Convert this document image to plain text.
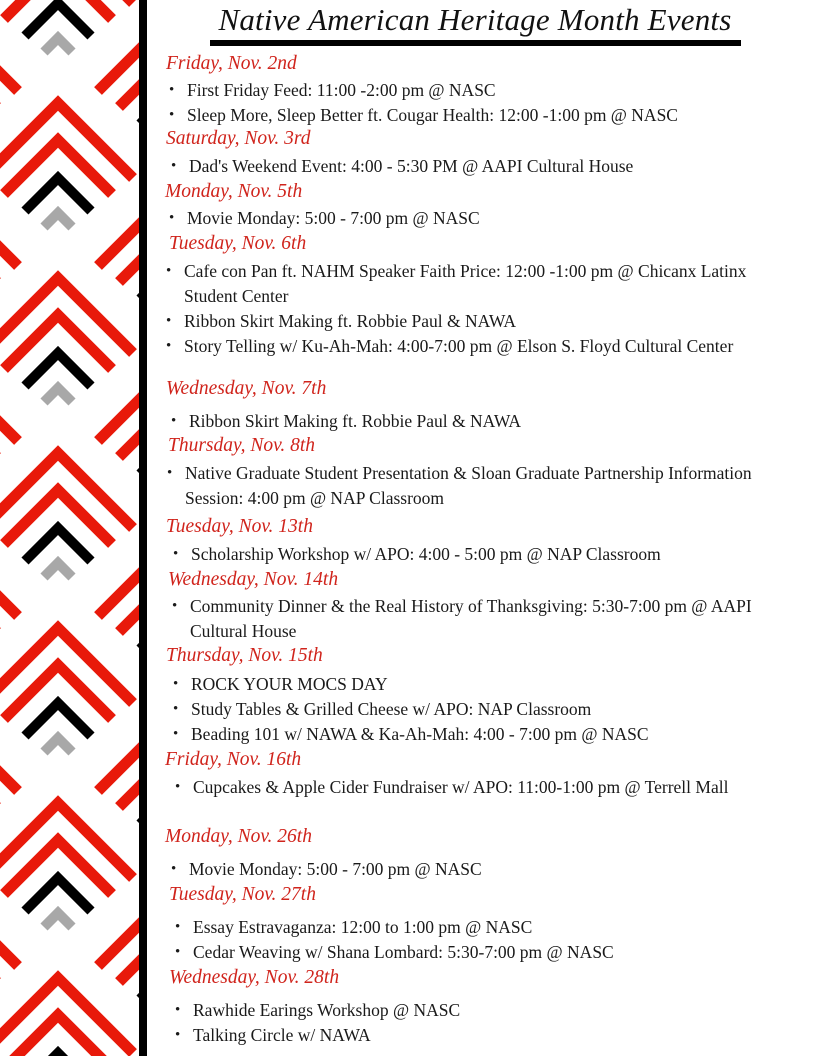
Native American Heritage Month Events
Friday, Nov. 2nd
• First Friday Feed: 11:00 -2:00 pm @ NASC
• Sleep More, Sleep Better ft. Cougar Health: 12:00 -1:00 pm @ NASC
Saturday, Nov. 3rd
• Dad's Weekend Event: 4:00 - 5:30 PM @ AAPI Cultural House
Monday, Nov. 5th
• Movie Monday: 5:00 - 7:00 pm @ NASC
Tuesday, Nov. 6th
• Cafe con Pan ft. NAHM Speaker Faith Price: 12:00 -1:00 pm @ Chicanx Latinx Student Center
• Ribbon Skirt Making ft. Robbie Paul & NAWA
• Story Telling w/ Ku-Ah-Mah: 4:00-7:00 pm @ Elson S. Floyd Cultural Center
Wednesday, Nov. 7th
• Ribbon Skirt Making ft. Robbie Paul & NAWA
Thursday, Nov. 8th
• Native Graduate Student Presentation & Sloan Graduate Partnership Information Session: 4:00 pm @ NAP Classroom
Tuesday, Nov. 13th
• Scholarship Workshop w/ APO: 4:00 - 5:00 pm @ NAP Classroom
Wednesday, Nov. 14th
• Community Dinner & the Real History of Thanksgiving: 5:30-7:00 pm @ AAPI Cultural House
Thursday, Nov. 15th
• ROCK YOUR MOCS DAY
• Study Tables & Grilled Cheese w/ APO: NAP Classroom
• Beading 101 w/ NAWA & Ka-Ah-Mah: 4:00 - 7:00 pm @ NASC
Friday, Nov. 16th
• Cupcakes & Apple Cider Fundraiser w/ APO: 11:00-1:00 pm @ Terrell Mall
Monday, Nov. 26th
• Movie Monday: 5:00 - 7:00 pm @ NASC
Tuesday, Nov. 27th
• Essay Estravaganza: 12:00 to 1:00 pm @ NASC
• Cedar Weaving w/ Shana Lombard: 5:30-7:00 pm @ NASC
Wednesday, Nov. 28th
• Rawhide Earings Workshop @ NASC
• Talking Circle w/ NAWA
